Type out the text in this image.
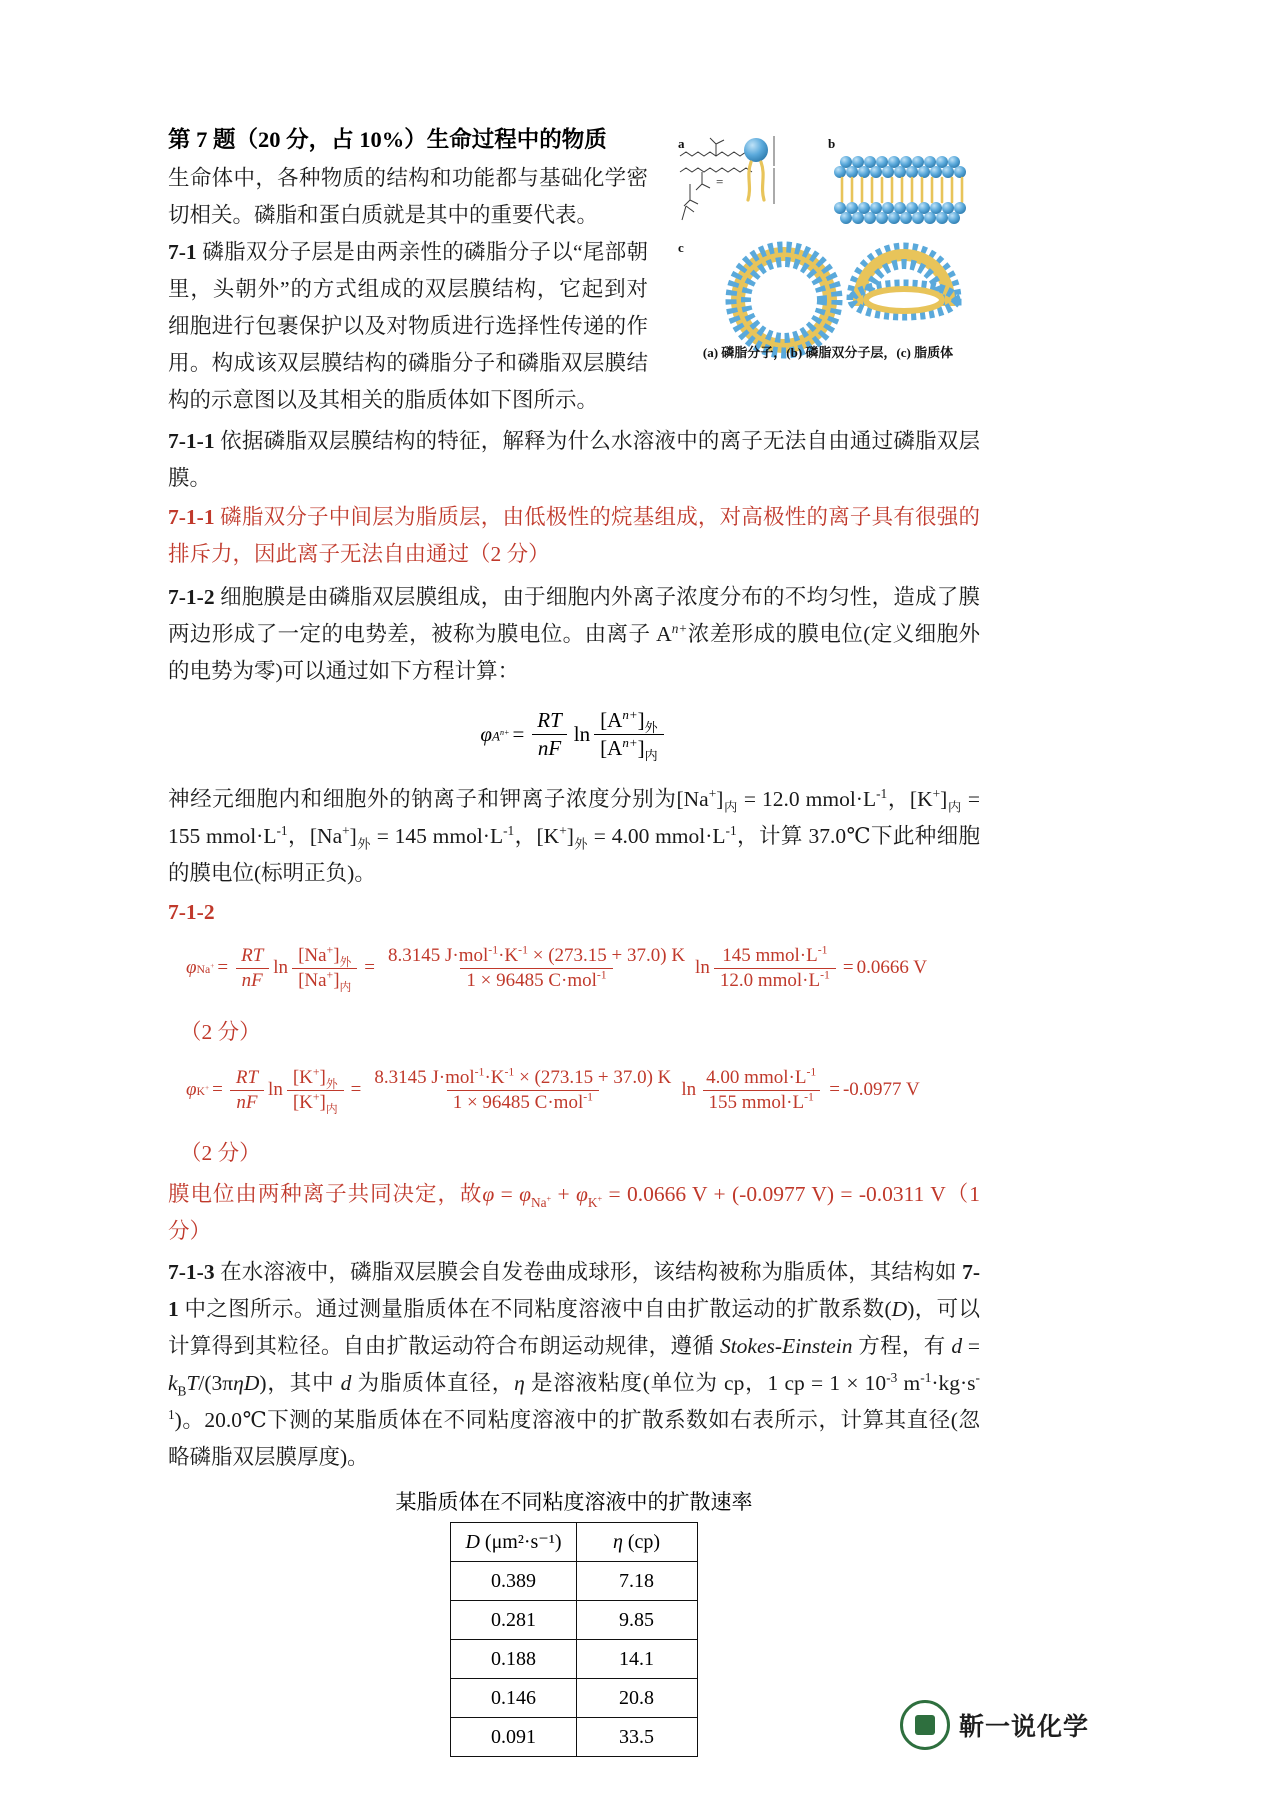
=
a	b
c
(a) 磷脂分子，(b) 磷脂双分子层，(c) 脂质体
第 7 题（20 分，占 10%）生命过程中的物质

生命体中，各种物质的结构和功能都与基础化学密切相关。磷脂和蛋白质就是其中的重要代表。

7-1 磷脂双分子层是由两亲性的磷脂分子以“尾部朝里，头朝外”的方式组成的双层膜结构，它起到对细胞进行包裹保护以及对物质进行选择性传递的作用。构成该双层膜结构的磷脂分子和磷脂双层膜结构的示意图以及其相关的脂质体如下图所示。

7-1-1 依据磷脂双层膜结构的特征，解释为什么水溶液中的离子无法自由通过磷脂双层膜。

7-1-1 磷脂双分子中间层为脂质层，由低极性的烷基组成，对高极性的离子具有很强的排斥力，因此离子无法自由通过（2 分）

7-1-2 细胞膜是由磷脂双层膜组成，由于细胞内外离子浓度分布的不均匀性，造成了膜两边形成了一定的电势差，被称为膜电位。由离子 $A^{n+}$浓差形成的膜电位(定义细胞外的电势为零)可以通过如下方程计算：

φ $A^{n+} = \frac{RT}{nF}$ $\ln \frac{[A^{n+}]_外}{[A^{n+}]_内}$

神经元细胞内和细胞外的钠离子和钾离子浓度分别为$[Na^+]_内 = 12.0$ $mmol\cdot L^{-1}$，$[K^+]_内 = 155$ $mmol\cdot L^{-1}$，$[Na^+]_外 = 145$ $mmol\cdot L^{-1}$，$[K^+]_外 = 4.00$ $mmol\cdot L^{-1}$，计算 37.0℃下此种细胞的膜电位(标明正负)。

7-1-2

φ $Na^+ = \frac{RT}{nF}$ $\ln \frac{[Na^+]_外}{[Na^+]_内} = \frac{8.3145 J\cdot mol^{-1}\cdot K^{-1} \times (273.15 + 37.0) K}{1 \times 96485 C\cdot mol^{-1}}$ $\ln \frac{145 mmol\cdot L^{-1}}{12.0 mmol\cdot L^{-1}} = 0.0666$ V

（2 分）

φ $K^+ = \frac{RT}{nF}$ $\ln \frac{[K^+]_外}{[K^+]_内} = \frac{8.3145 J\cdot mol^{-1}\cdot K^{-1} \times (273.15 + 37.0) K}{1 \times 96485 C\cdot mol^{-1}}$ $\ln \frac{4.00 mmol\cdot L^{-1}}{155 mmol\cdot L^{-1}} = -0.0977$ V

（2 分）

膜电位由两种离子共同决定，故$\varphi = \varphi_{Na^+} + \varphi_{K^+} = 0.0666$ V + (-0.0977 V) = -0.0311 V（1 分）

7-1-3 在水溶液中，磷脂双层膜会自发卷曲成球形，该结构被称为脂质体，其结构如 7-1 中之图所示。通过测量脂质体在不同粘度溶液中自由扩散运动的扩散系数(D)，可以计算得到其粒径。自由扩散运动符合布朗运动规律，遵循 Stokes-Einstein 方程，有 $d = k_BT/(3\pi\eta D)$，其中 d 为脂质体直径，η 是溶液粘度(单位为 cp，1 cp = $1 \times 10^{-3}$ $m^{-1}\cdot kg\cdot s^{-1}$)。20.0℃下测的某脂质体在不同粘度溶液中的扩散系数如右表所示，计算其直径(忽略磷脂双层膜厚度)。

某脂质体在不同粘度溶液中的扩散速率
D (μm²·s⁻¹)	η (cp)
0.389	7.18
0.281	9.85
0.188	14.1
0.146	20.8
0.091	33.5	靳一说化学
